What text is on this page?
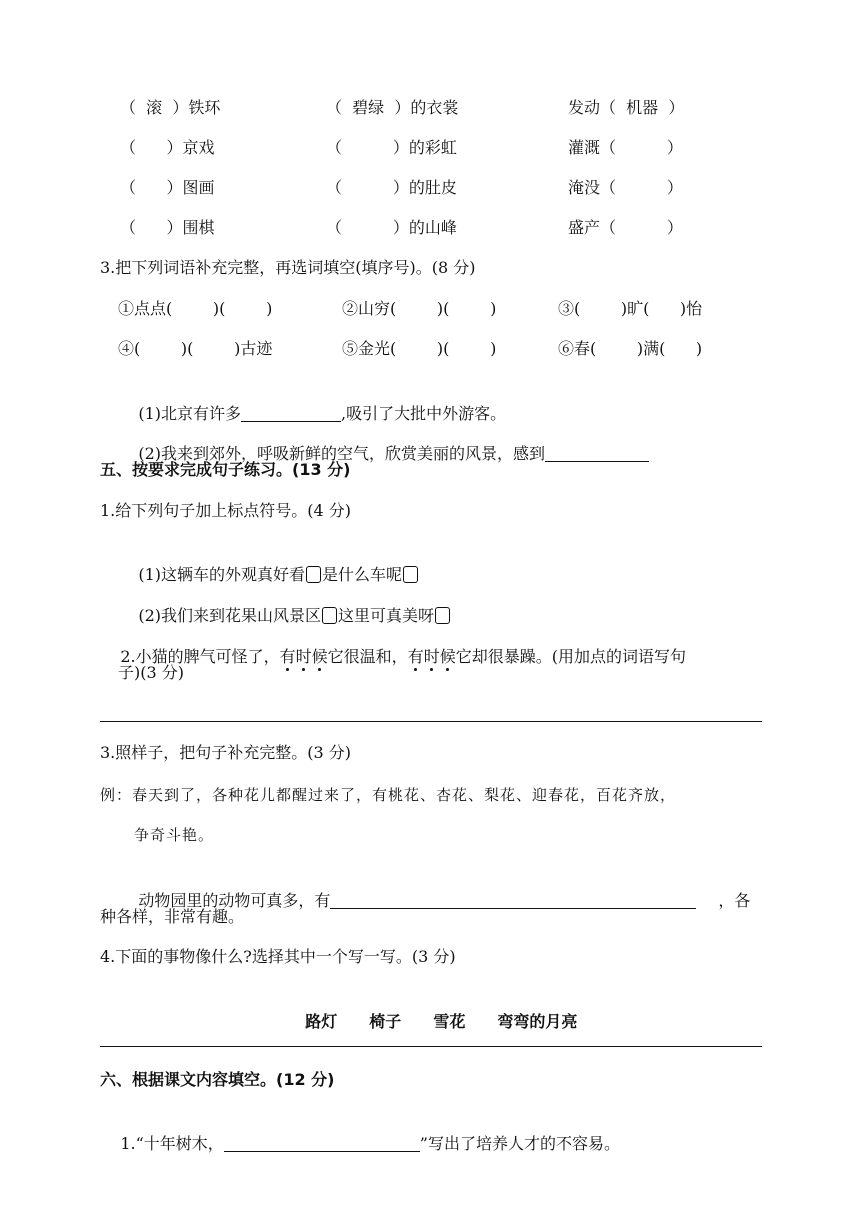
（  滚  ）铁环	（  碧绿  ）的衣裳	发动（  机器  ）
（      ）京戏	（          ）的彩虹	灌溉（          ）
（      ）图画	（          ）的肚皮	淹没（          ）
（      ）围棋	（          ）的山峰	盛产（          ）
3.把下列词语补充完整，再选词填空(填序号)。(8 分)
①点点(        )(        )	②山穷(        )(        )	③(        )旷(      )怡
④(        )(        )古迹	⑤金光(        )(        )	⑥春(        )满(      )

(1)北京有许多	,吸引了大批中外游客。

(2)我来到郊外，呼吸新鲜的空气，欣赏美丽的风景，感到

五、按要求完成句子练习。(13 分)
1.给下列句子加上标点符号。(4 分)

(1)这辆车的外观真好看 是什么车呢

(2)我们来到花果山风景区 这里可真美呀

2.小猫的脾气可怪了，有时候它很温和，有时候它却很暴躁。(用加点的词语写句

子)(3 分)
3.照样子，把句子补充完整。(3 分)
例：春天到了，各种花儿都醒过来了，有桃花、杏花、梨花、迎春花，百花齐放，
争奇斗艳。

动物园里的动物可真多，有	，各

种各样，非常有趣。
4.下面的事物像什么?选择其中一个写一写。(3 分)

路灯 椅子 雪花 弯弯的月亮

六、根据课文内容填空。(12 分)

1.“十年树木，	”写出了培养人才的不容易。
